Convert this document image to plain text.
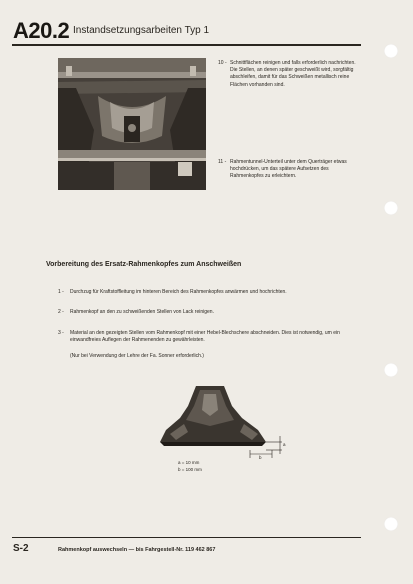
A20.2 Instandsetzungsarbeiten Typ 1
10 - Schnittflächen reinigen und falls erforderlich nachrichten. Die Stellen, an denen später geschweißt wird, sorgfältig abschleifen, damit für das Schweißen metallisch reine Flächen vorhanden sind.
11 - Rahmentunnel-Unterteil unter dem Querträger etwas hochdrücken, um das spätere Aufsetzen des Rahmenkopfes zu erleichtern.
Vorbereitung des Ersatz-Rahmenkopfes zum Anschweißen
1 -	Durchzug für Kraftstoffleitung im hinteren Bereich des Rahmenkopfes anwärmen und hochrichten.
2 -	Rahmenkopf an den zu schweißenden Stellen von Lack reinigen.
3 -	Material an den gezeigten Stellen vom Rahmenkopf mit einer Hebel-Blechschere abschneiden. Dies ist notwendig, um ein einwandfreies Auflegen der Rahmenenden zu gewährleisten.
(Nur bei Verwendung der Lehre der Fa. Sonner erforderlich.)
a
b
a = 10 mm
b = 100 mm
S-2	Rahmenkopf auswechseln — bis Fahrgestell-Nr. 119 462 867
